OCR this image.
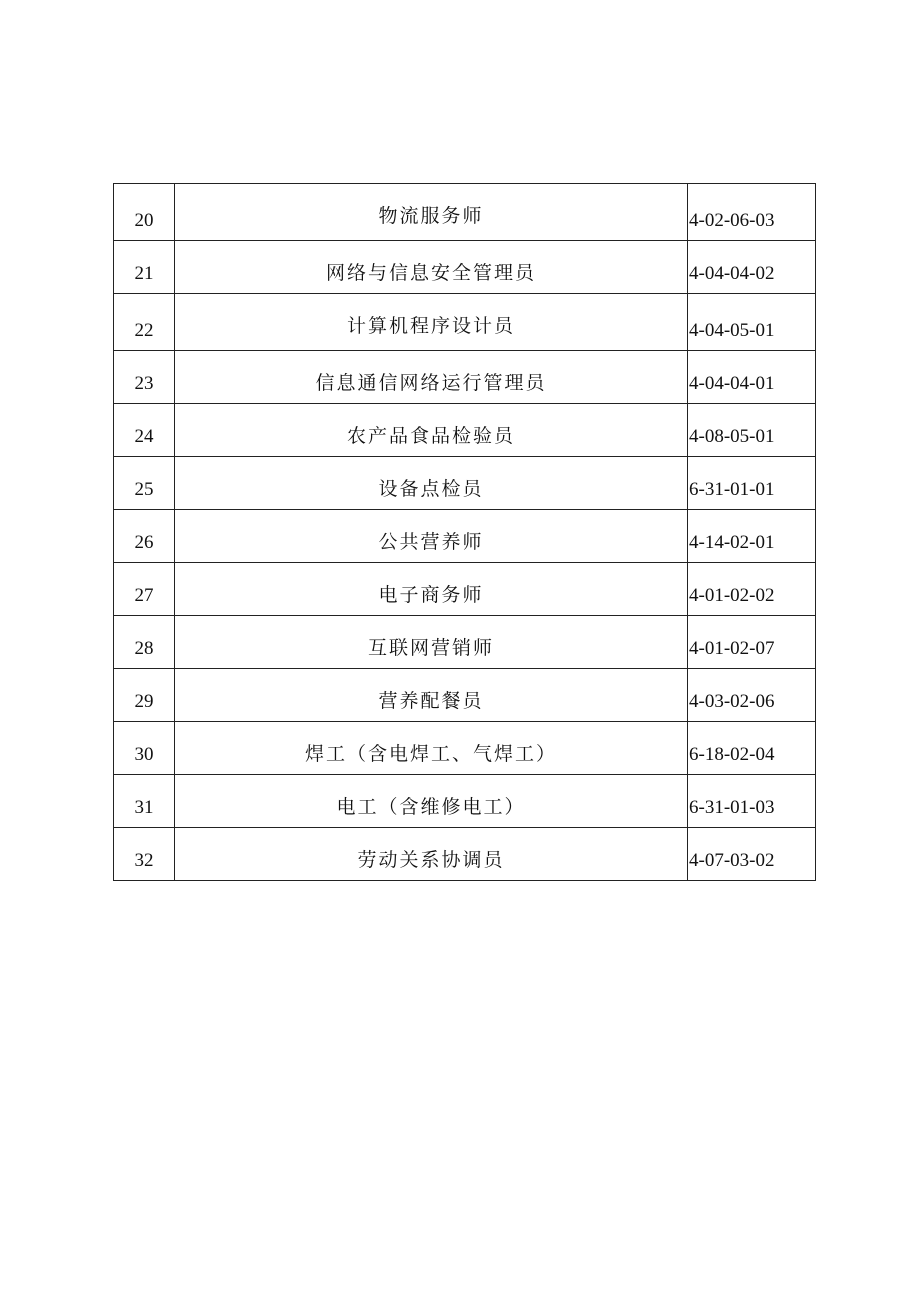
20	物流服务师	4-02-06-03
21	网络与信息安全管理员	4-04-04-02
22	计算机程序设计员	4-04-05-01
23	信息通信网络运行管理员	4-04-04-01
24	农产品食品检验员	4-08-05-01
25	设备点检员	6-31-01-01
26	公共营养师	4-14-02-01
27	电子商务师	4-01-02-02
28	互联网营销师	4-01-02-07
29	营养配餐员	4-03-02-06
30	焊工（含电焊工、气焊工）	6-18-02-04
31	电工（含维修电工）	6-31-01-03
32	劳动关系协调员	4-07-03-02
